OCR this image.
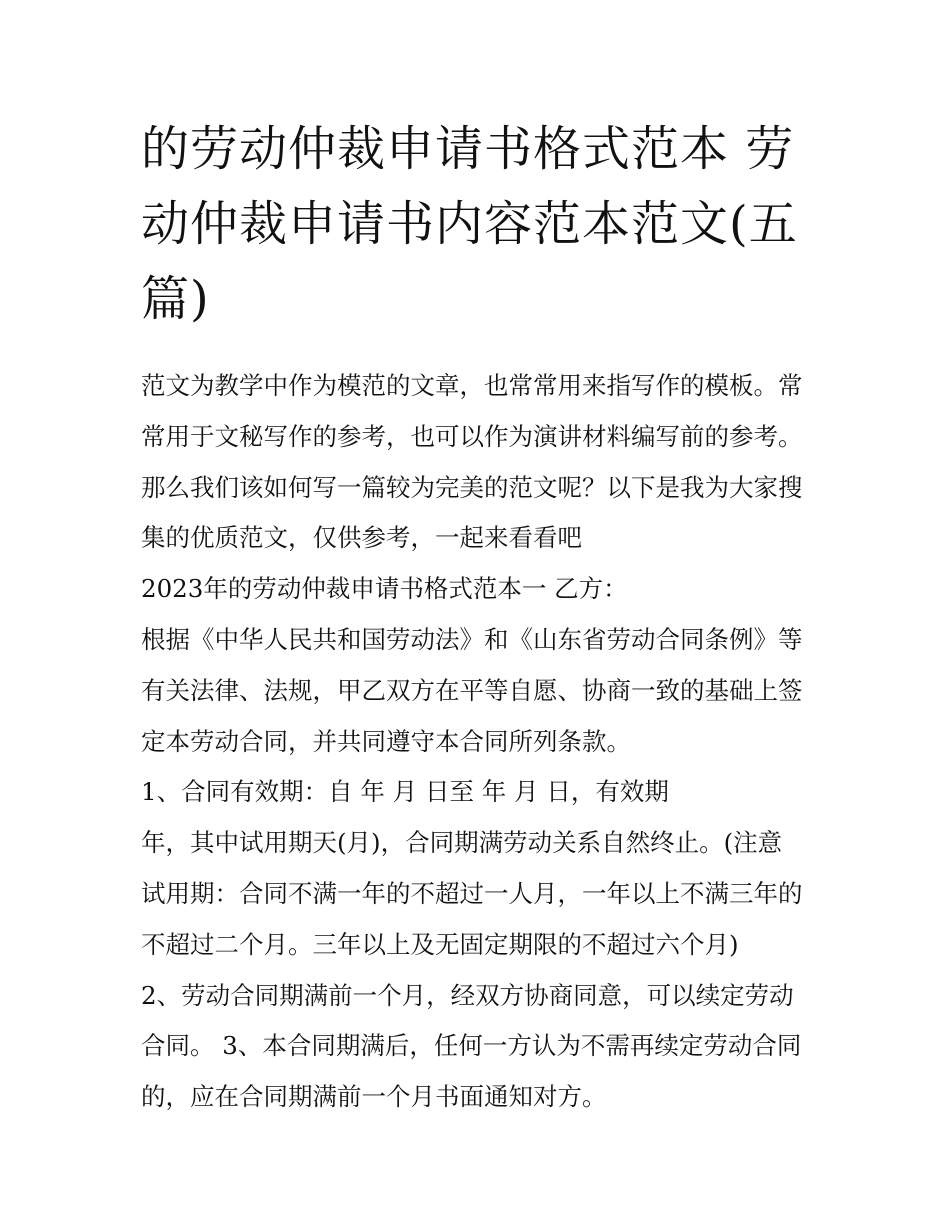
的劳动仲裁申请书格式范本 劳
动仲裁申请书内容范本范文(五
篇)
范文为教学中作为模范的文章，也常常用来指写作的模板。常
常用于文秘写作的参考，也可以作为演讲材料编写前的参考。
那么我们该如何写一篇较为完美的范文呢？以下是我为大家搜
集的优质范文，仅供参考，一起来看看吧
2023年的劳动仲裁申请书格式范本一 乙方：
根据《中华人民共和国劳动法》和《山东省劳动合同条例》等
有关法律、法规，甲乙双方在平等自愿、协商一致的基础上签
定本劳动合同，并共同遵守本合同所列条款。
1、合同有效期：自 年 月 日至 年 月 日，有效期
年，其中试用期天(月)，合同期满劳动关系自然终止。(注意
试用期：合同不满一年的不超过一人月，一年以上不满三年的
不超过二个月。三年以上及无固定期限的不超过六个月)
2、劳动合同期满前一个月，经双方协商同意，可以续定劳动
合同。 3、本合同期满后，任何一方认为不需再续定劳动合同
的，应在合同期满前一个月书面通知对方。
